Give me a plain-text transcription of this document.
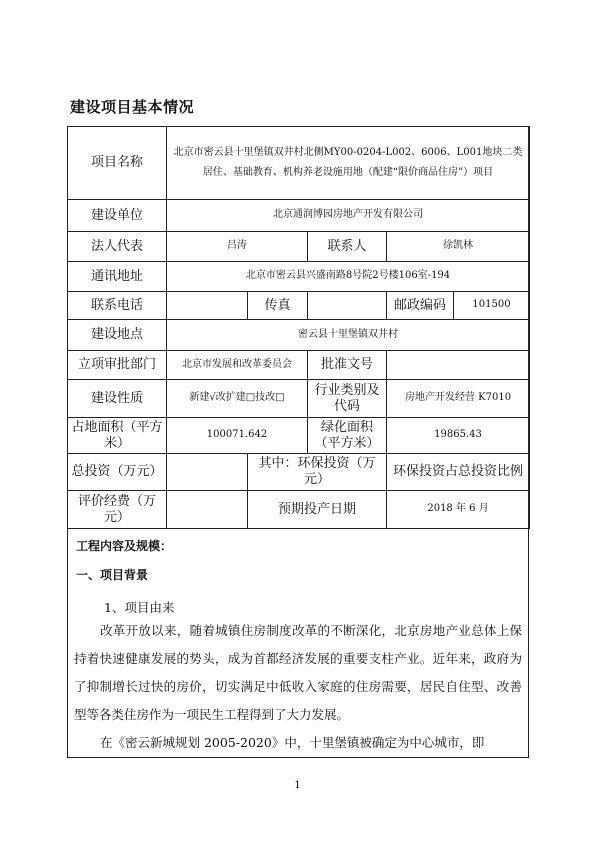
建设项目基本情况
项目名称	北京市密云县十里堡镇双井村北侧MY00-0204-L002、6006、L001地块二类居住、基础教育、机构养老设施用地（配建“限价商品住房”）项目				
建设单位	北京通润博园房地产开发有限公司				
法人代表	吕涛		联系人	徐凯林	
通讯地址	北京市密云县兴盛南路8号院2号楼106室-194				
联系电话		传真		邮政编码	101500
建设地点	密云县十里堡镇双井村				
立项审批部门	北京市发展和改革委员会		批准文号		
建设性质	新建√改扩建□技改□		行业类别及代码	房地产开发经营 K7010	
占地面积（平方米）	100071.642		绿化面积（平方米）	19865.43	
总投资（万元）		其中：环保投资（万元）		环保投资占总投资比例	
评价经费（万元）		预期投产日期		2018 年 6 月	
工程内容及规模：
一、项目背景
1、项目由来

改革开放以来，随着城镇住房制度改革的不断深化，北京房地产业总体上保持着快速健康发展的势头，成为首都经济发展的重要支柱产业。近年来，政府为了抑制增长过快的房价，切实满足中低收入家庭的住房需要，居民自住型、改善型等各类住房作为一项民生工程得到了大力发展。

在《密云新城规划 2005-2020》中，十里堡镇被确定为中心城市，即

1
